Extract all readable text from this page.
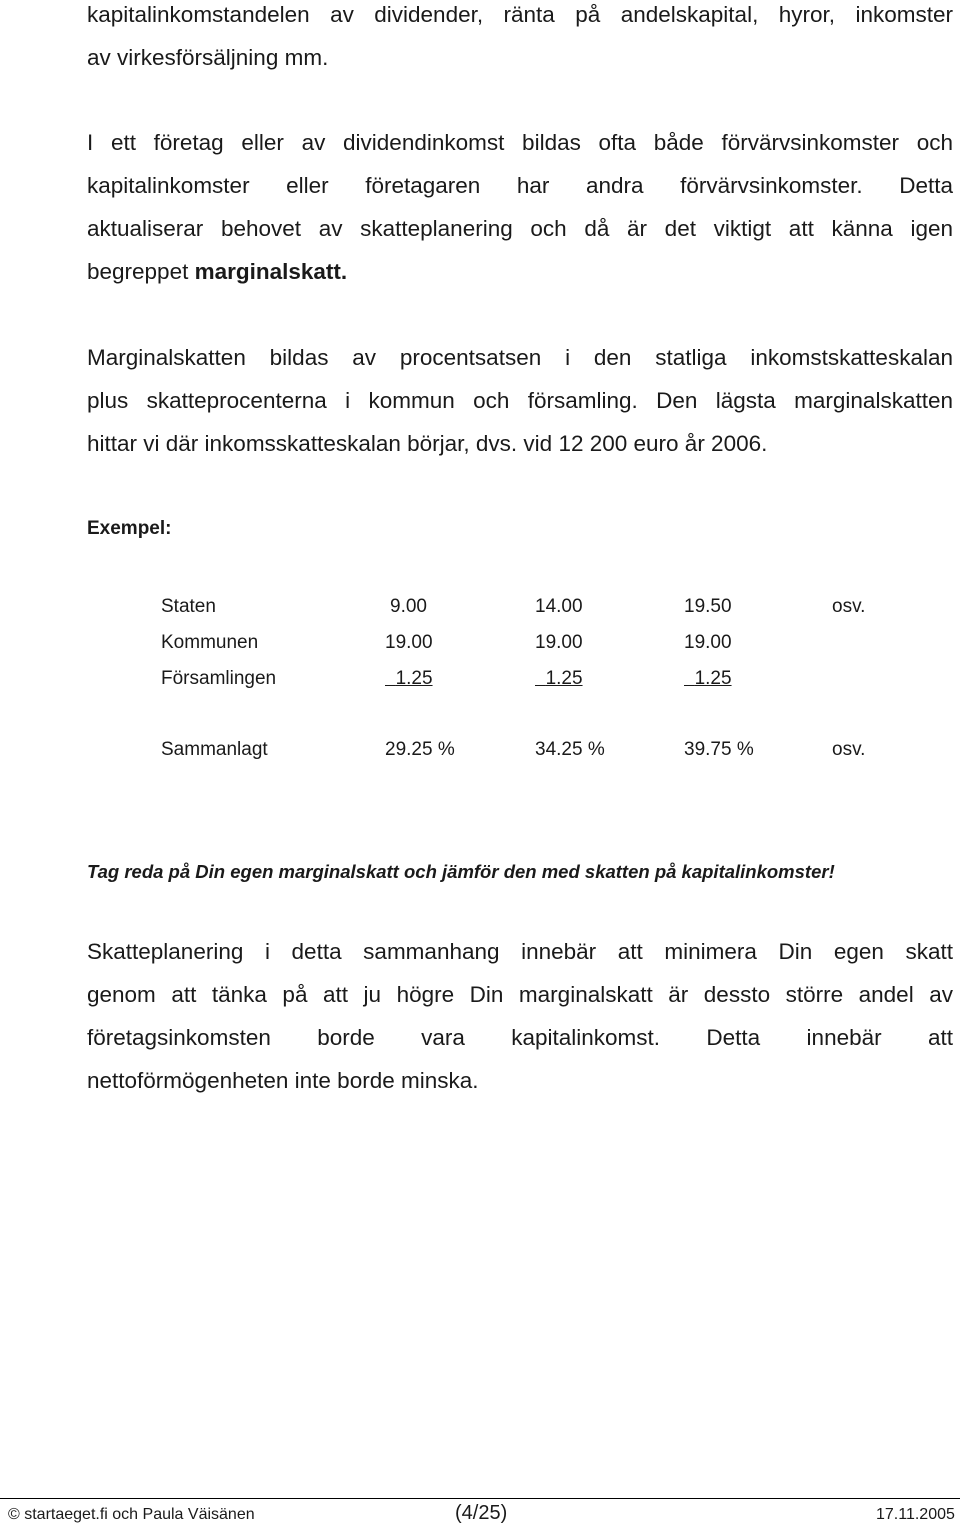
kapitalinkomstandelen av dividender, ränta på andelskapital, hyror, inkomster
av virkesförsäljning mm.
I ett företag eller av dividendinkomst bildas ofta både förvärvsinkomster och
kapitalinkomster eller företagaren har andra förvärvsinkomster. Detta
aktualiserar behovet av skatteplanering och då är det viktigt att känna igen
begreppet marginalskatt.
Marginalskatten bildas av procentsatsen i den statliga inkomstskatteskalan
plus skatteprocenterna i kommun och församling. Den lägsta marginalskatten
hittar vi där inkomsskatteskalan börjar, dvs. vid 12 200 euro år 2006.
Exempel:
Staten	9.00	14.00	19.50	osv.
Kommunen	19.00	19.00	19.00
Församlingen	1.25	1.25	1.25
Sammanlagt	29.25 %	34.25 %	39.75 %	osv.
Tag reda på Din egen marginalskatt och jämför den med skatten på kapitalinkomster!
Skatteplanering i detta sammanhang innebär att minimera Din egen skatt
genom att tänka på att ju högre Din marginalskatt är dessto större andel av
företagsinkomsten borde vara kapitalinkomst. Detta innebär att
nettoförmögenheten inte borde minska.
© startaeget.fi och Paula Väisänen	(4/25)	17.11.2005
